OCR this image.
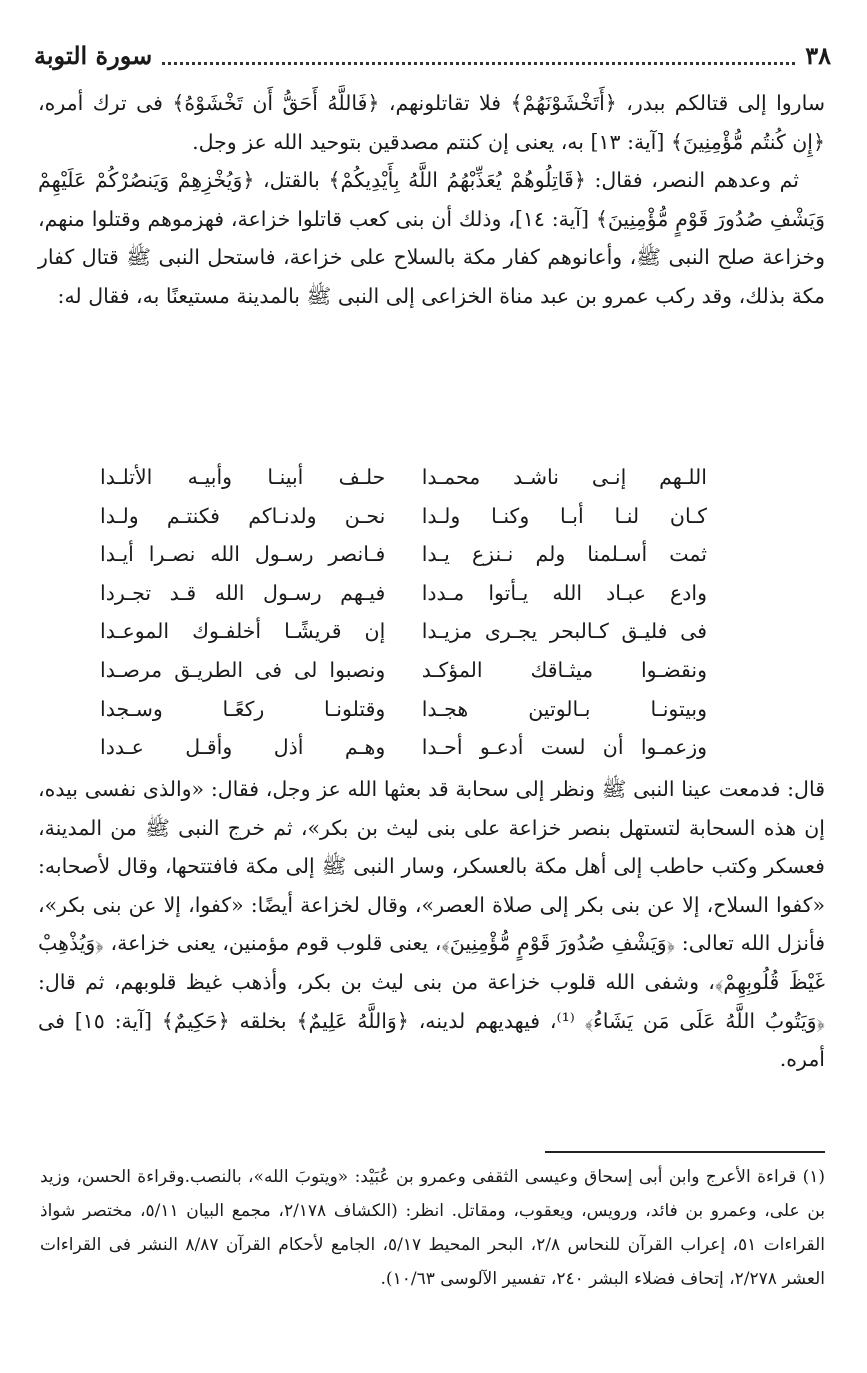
٣٨
سورة التوبة

ساروا إلى قتالكم ببدر، ﴿أَتَخْشَوْنَهُمْ﴾ فلا تقاتلونهم، ﴿فَاللَّهُ أَحَقُّ أَن تَخْشَوْهُ﴾ فى ترك أمره، ﴿إِن كُنتُم مُّؤْمِنِينَ﴾ [آية: ١٣] به، يعنى إن كنتم مصدقين بتوحيد الله عز وجل.

ثم وعدهم النصر، فقال: ﴿قَاتِلُوهُمْ يُعَذِّبْهُمُ اللَّهُ بِأَيْدِيكُمْ﴾ بالقتل، ﴿وَيُخْزِهِمْ وَيَنصُرْكُمْ عَلَيْهِمْ وَيَشْفِ صُدُورَ قَوْمٍ مُّؤْمِنِينَ﴾ [آية: ١٤]، وذلك أن بنى كعب قاتلوا خزاعة، فهزموهم وقتلوا منهم، وخزاعة صلح النبى ﷺ، وأعانوهم كفار مكة بالسلاح على خزاعة، فاستحل النبى ﷺ قتال كفار مكة بذلك، وقد ركب عمرو بن عبد مناة الخزاعى إلى النبى ﷺ بالمدينة مستيعنًا به، فقال له:

اللـهم إنـى ناشـد محمـدا
حلـف أبينـا وأبيـه الأتلـدا
كـان لنـا أبـا وكنـا ولـدا
نحـن ولدنـاكم فكنتـم ولـدا
ثمت أسـلمنا ولم نـنزع يـدا
فـانصر رسـول الله نصـرا أيـدا
وادع عبـاد الله يـأتوا مـددا
فيـهم رسـول الله قـد تجـردا
فى فليـق كـالبحر يجـرى مزيـدا
إن قريشًـا أخلفـوك الموعـدا
ونقضـوا ميثـاقك المؤكـد
ونصبوا لى فى الطريـق مرصـدا
وبيتونـا بـالوتين هجـدا
وقتلونـا ركعًـا وسـجدا
وزعمـوا أن لست أدعـو أحـدا
وهـم أذل وأقـل عـددا

قال: فدمعت عينا النبى ﷺ ونظر إلى سحابة قد بعثها الله عز وجل، فقال: «والذى نفسى بيده، إن هذه السحابة لتستهل بنصر خزاعة على بنى ليث بن بكر»، ثم خرج النبى ﷺ من المدينة، فعسكر وكتب حاطب إلى أهل مكة بالعسكر، وسار النبى ﷺ إلى مكة فافتتحها، وقال لأصحابه: «كفوا السلاح، إلا عن بنى بكر إلى صلاة العصر»، وقال لخزاعة أيضًا: «كفوا، إلا عن بنى بكر»، فأنزل الله تعالى: ﴿وَيَشْفِ صُدُورَ قَوْمٍ مُّؤْمِنِينَ﴾، يعنى قلوب قوم مؤمنين، يعنى خزاعة، ﴿وَيُذْهِبْ غَيْظَ قُلُوبِهِمْ﴾، وشفى الله قلوب خزاعة من بنى ليث بن بكر، وأذهب غيظ قلوبهم، ثم قال: ﴿وَيَتُوبُ اللَّهُ عَلَى مَن يَشَاءُ﴾ ⁽¹⁾، فيهديهم لدينه، ﴿وَاللَّهُ عَلِيمٌ﴾ بخلقه ﴿حَكِيمٌ﴾ [آية: ١٥] فى أمره.

(١) قراءة الأعرج وابن أبى إسحاق وعيسى الثقفى وعمرو بن عُبَيْد: «ويتوبَ الله»، بالنصب.وقراءة الحسن، وزيد بن على، وعمرو بن فائد، ورويس، ويعقوب، ومقاتل. انظر: (الكشاف ٢/١٧٨، مجمع البيان ٥/١١، مختصر شواذ القراءات ٥١، إعراب القرآن للنحاس ٢/٨، البحر المحيط ٥/١٧، الجامع لأحكام القرآن ٨/٨٧ النشر فى القراءات العشر ٢/٢٧٨، إتحاف فضلاء البشر ٢٤٠، تفسير الآلوسى ١٠/٦٣).
